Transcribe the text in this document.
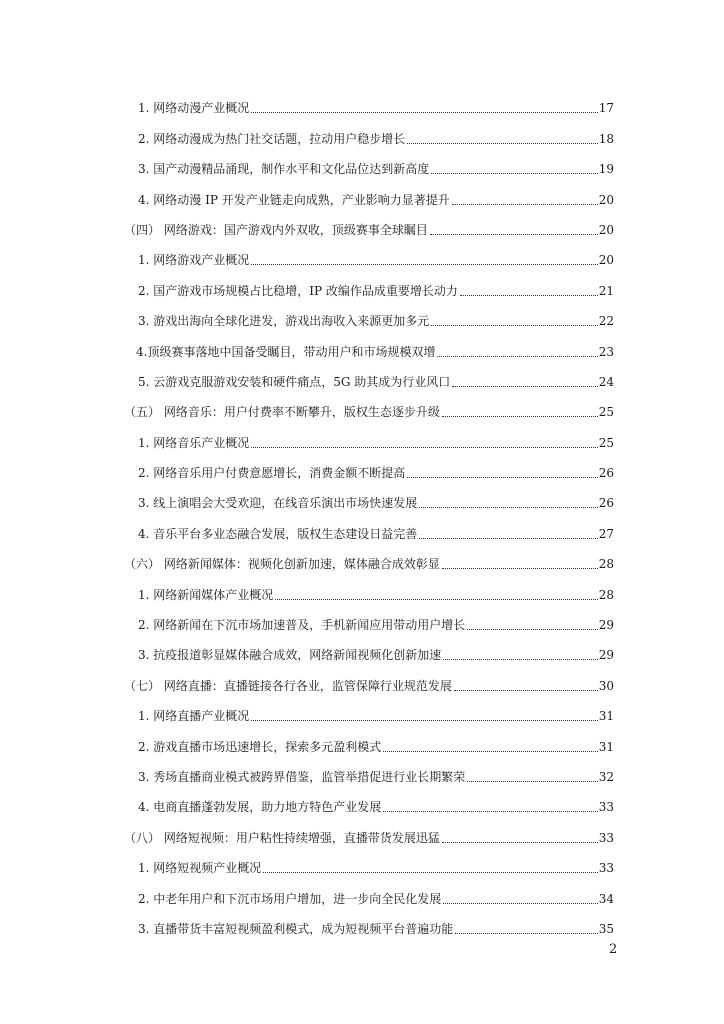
1. 网络动漫产业概况	17
2. 网络动漫成为热门社交话题，拉动用户稳步增长	18
3. 国产动漫精品涌现，制作水平和文化品位达到新高度	19
4. 网络动漫 IP 开发产业链走向成熟，产业影响力显著提升	20
（四） 网络游戏：国产游戏内外双收，顶级赛事全球瞩目	20
1. 网络游戏产业概况	20
2. 国产游戏市场规模占比稳增，IP 改编作品成重要增长动力	21
3. 游戏出海向全球化进发，游戏出海收入来源更加多元	22
4.顶级赛事落地中国备受瞩目，带动用户和市场规模双增	23
5. 云游戏克服游戏安装和硬件痛点，5G 助其成为行业风口	24
（五） 网络音乐：用户付费率不断攀升，版权生态逐步升级	25
1. 网络音乐产业概况	25
2. 网络音乐用户付费意愿增长，消费金额不断提高	26
3. 线上演唱会大受欢迎，在线音乐演出市场快速发展	26
4. 音乐平台多业态融合发展，版权生态建设日益完善	27
（六） 网络新闻媒体：视频化创新加速，媒体融合成效彰显	28
1. 网络新闻媒体产业概况	28
2. 网络新闻在下沉市场加速普及，手机新闻应用带动用户增长	29
3. 抗疫报道彰显媒体融合成效，网络新闻视频化创新加速	29
（七） 网络直播：直播链接各行各业，监管保障行业规范发展	30
1. 网络直播产业概况	31
2. 游戏直播市场迅速增长，探索多元盈利模式	31
3. 秀场直播商业模式被跨界借鉴，监管举措促进行业长期繁荣	32
4. 电商直播蓬勃发展，助力地方特色产业发展	33
（八） 网络短视频：用户粘性持续增强，直播带货发展迅猛	33
1. 网络短视频产业概况	33
2. 中老年用户和下沉市场用户增加，进一步向全民化发展	34
3. 直播带货丰富短视频盈利模式，成为短视频平台普遍功能	35
2
